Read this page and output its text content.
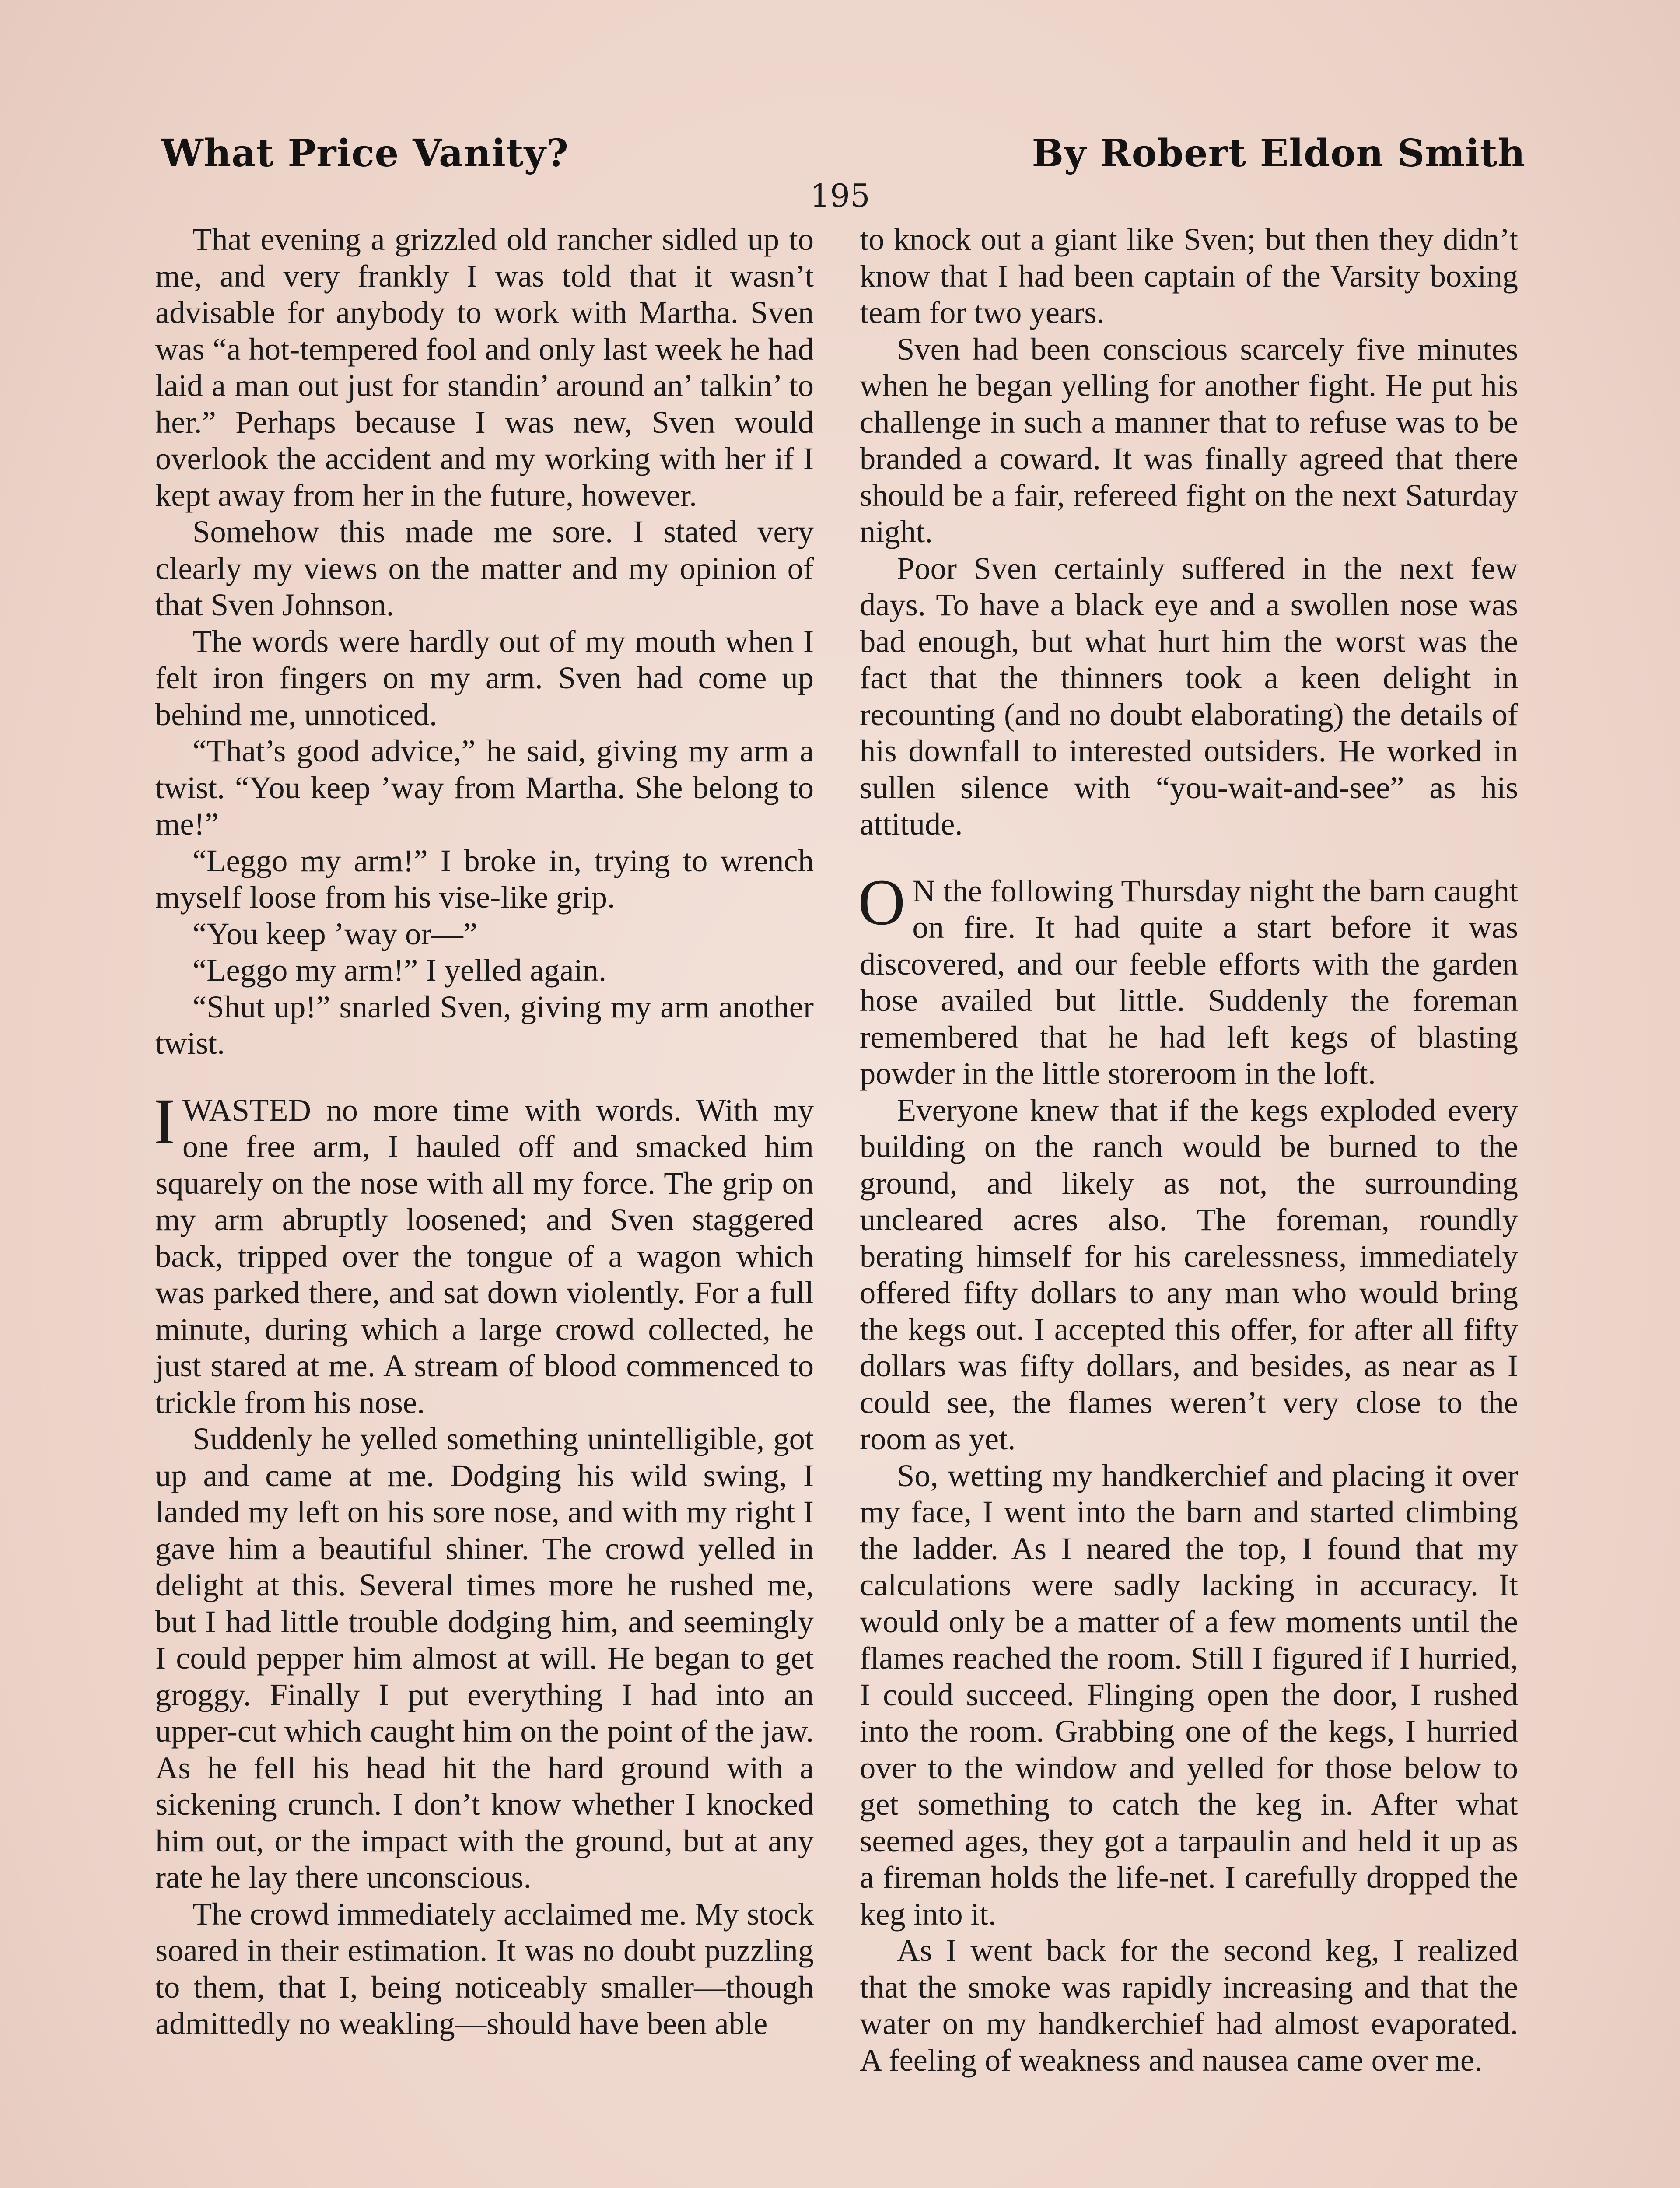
What Price Vanity?	By Robert Eldon Smith
195

That evening a grizzled old rancher sidled up to me, and very frankly I was told that it wasn’t advisable for anybody to work with Martha. Sven was “a hot-tempered fool and only last week he had laid a man out just for standin’ around an’ talkin’ to her.” Perhaps because I was new, Sven would overlook the accident and my working with her if I kept away from her in the future, however.

Somehow this made me sore. I stated very clearly my views on the matter and my opinion of that Sven Johnson.

The words were hardly out of my mouth when I felt iron fingers on my arm. Sven had come up behind me, unnoticed.

“That’s good advice,” he said, giving my arm a twist. “You keep ’way from Martha. She belong to me!”

“Leggo my arm!” I broke in, trying to wrench myself loose from his vise-like grip.

“You keep ’way or—”

“Leggo my arm!” I yelled again.

“Shut up!” snarled Sven, giving my arm another twist.

IWASTED no more time with words. With my one free arm, I hauled off and smacked him squarely on the nose with all my force. The grip on my arm abruptly loosened; and Sven staggered back, tripped over the tongue of a wagon which was parked there, and sat down violently. For a full minute, during which a large crowd collected, he just stared at me. A stream of blood commenced to trickle from his nose.

Suddenly he yelled something unintelligible, got up and came at me. Dodging his wild swing, I landed my left on his sore nose, and with my right I gave him a beautiful shiner. The crowd yelled in delight at this. Several times more he rushed me, but I had little trouble dodging him, and seemingly I could pepper him almost at will. He began to get groggy. Finally I put everything I had into an upper-cut which caught him on the point of the jaw. As he fell his head hit the hard ground with a sickening crunch. I don’t know whether I knocked him out, or the impact with the ground, but at any rate he lay there unconscious.

The crowd immediately acclaimed me. My stock soared in their estimation. It was no doubt puzzling to them, that I, being noticeably smaller—though admittedly no weakling—should have been able

to knock out a giant like Sven; but then they didn’t know that I had been captain of the Varsity boxing team for two years.

Sven had been conscious scarcely five minutes when he began yelling for another fight. He put his challenge in such a manner that to refuse was to be branded a coward. It was finally agreed that there should be a fair, refereed fight on the next Saturday night.

Poor Sven certainly suffered in the next few days. To have a black eye and a swollen nose was bad enough, but what hurt him the worst was the fact that the thinners took a keen delight in recounting (and no doubt elaborating) the details of his downfall to interested outsiders. He worked in sullen silence with “you-wait-and-see” as his attitude.

O N the following Thursday night the barn caught on fire. It had quite a start before it was discovered, and our feeble efforts with the garden hose availed but little. Suddenly the foreman remembered that he had left kegs of blasting powder in the little storeroom in the loft.

Everyone knew that if the kegs exploded every building on the ranch would be burned to the ground, and likely as not, the surrounding uncleared acres also. The foreman, roundly berating himself for his carelessness, immediately offered fifty dollars to any man who would bring the kegs out. I accepted this offer, for after all fifty dollars was fifty dollars, and besides, as near as I could see, the flames weren’t very close to the room as yet.

So, wetting my handkerchief and placing it over my face, I went into the barn and started climbing the ladder. As I neared the top, I found that my calculations were sadly lacking in accuracy. It would only be a matter of a few moments until the flames reached the room. Still I figured if I hurried, I could succeed. Flinging open the door, I rushed into the room. Grabbing one of the kegs, I hurried over to the window and yelled for those below to get something to catch the keg in. After what seemed ages, they got a tarpaulin and held it up as a fireman holds the life-net. I carefully dropped the keg into it.

As I went back for the second keg, I realized that the smoke was rapidly increasing and that the water on my handkerchief had almost evaporated. A feeling of weakness and nausea came over me.
